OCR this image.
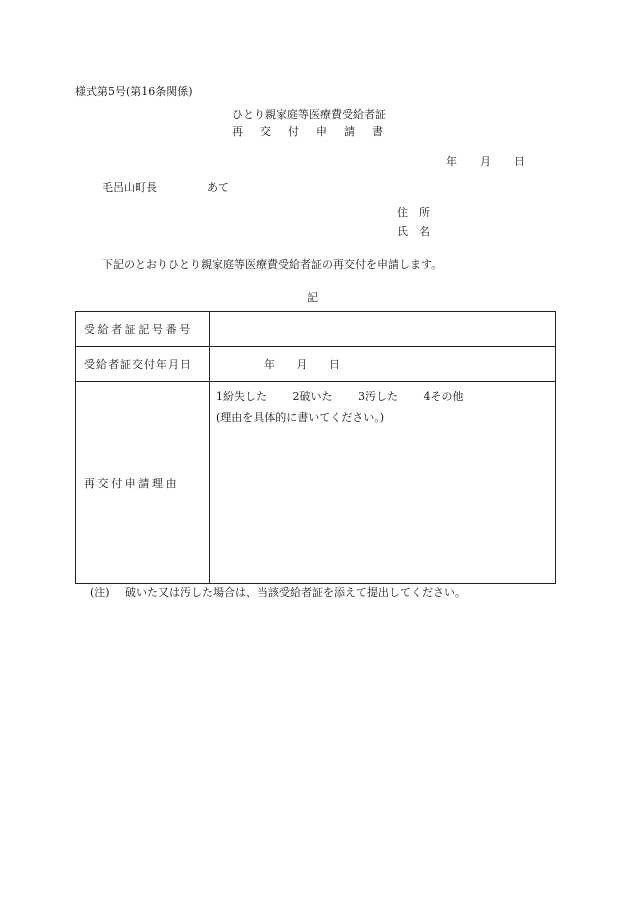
様式第5号(第16条関係)
ひとり親家庭等医療費受給者証
再交付申請書
年 月 日
毛呂山町長	あて
住　所
氏　名
下記のとおりひとり親家庭等医療費受給者証の再交付を申請します。
記
受給者証記号番号	
受給者証交付年月日	年 月 日
再交付申請理由	1紛失した 2破いた 3汚した 4その他
(理由を具体的に書いてください。)
(注) 破いた又は汚した場合は、当該受給者証を添えて提出してください。
